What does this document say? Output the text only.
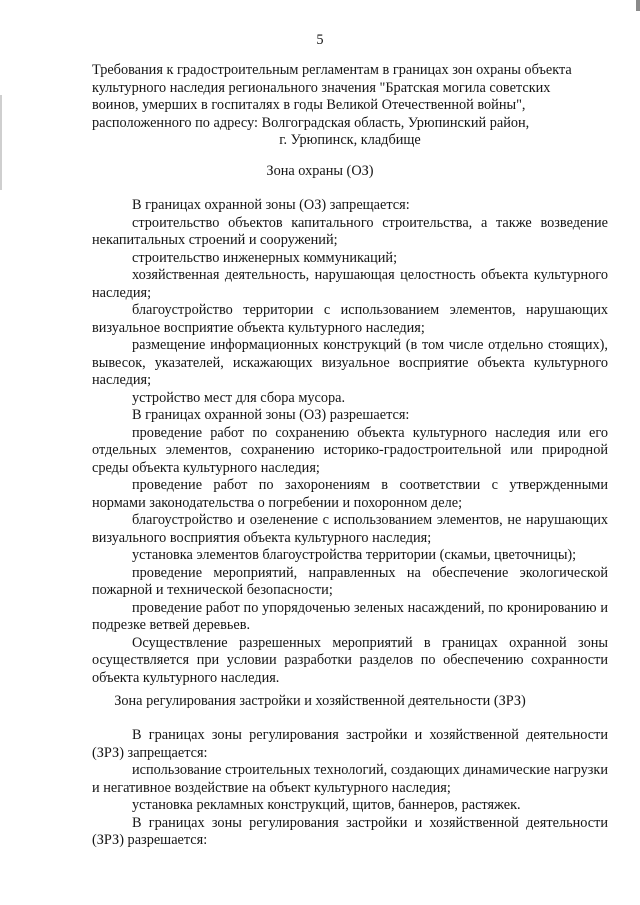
5

Требования к градостроительным регламентам в границах зон охраны объекта

культурного наследия регионального значения "Братская могила советских

воинов, умерших в госпиталях в годы Великой Отечественной войны",

расположенного по адресу: Волгоградская область, Урюпинский район,

г. Урюпинск, кладбище

Зона охраны (ОЗ)

В границах охранной зоны (ОЗ) запрещается:

строительство объектов капитального строительства, а также возведение некапитальных строений и сооружений;

строительство инженерных коммуникаций;

хозяйственная деятельность, нарушающая целостность объекта культурного наследия;

благоустройство территории с использованием элементов, нарушающих визуальное восприятие объекта культурного наследия;

размещение информационных конструкций (в том числе отдельно стоящих), вывесок, указателей, искажающих визуальное восприятие объекта культурного наследия;

устройство мест для сбора мусора.

В границах охранной зоны (ОЗ) разрешается:

проведение работ по сохранению объекта культурного наследия или его отдельных элементов, сохранению историко-градостроительной или природной среды объекта культурного наследия;

проведение работ по захоронениям в соответствии с утвержденными нормами законодательства о погребении и похоронном деле;

благоустройство и озеленение с использованием элементов, не нарушающих визуального восприятия объекта культурного наследия;

установка элементов благоустройства территории (скамьи, цветочницы);

проведение мероприятий, направленных на обеспечение экологической пожарной и технической безопасности;

проведение работ по упорядоченью зеленых насаждений, по кронированию и подрезке ветвей деревьев.

Осуществление разрешенных мероприятий в границах охранной зоны осуществляется при условии разработки разделов по обеспечению сохранности объекта культурного наследия.

Зона регулирования застройки и хозяйственной деятельности (ЗРЗ)

В границах зоны регулирования застройки и хозяйственной деятельности (ЗРЗ) запрещается:

использование строительных технологий, создающих динамические нагрузки и негативное воздействие на объект культурного наследия;

установка рекламных конструкций, щитов, баннеров, растяжек.

В границах зоны регулирования застройки и хозяйственной деятельности (ЗРЗ) разрешается:
